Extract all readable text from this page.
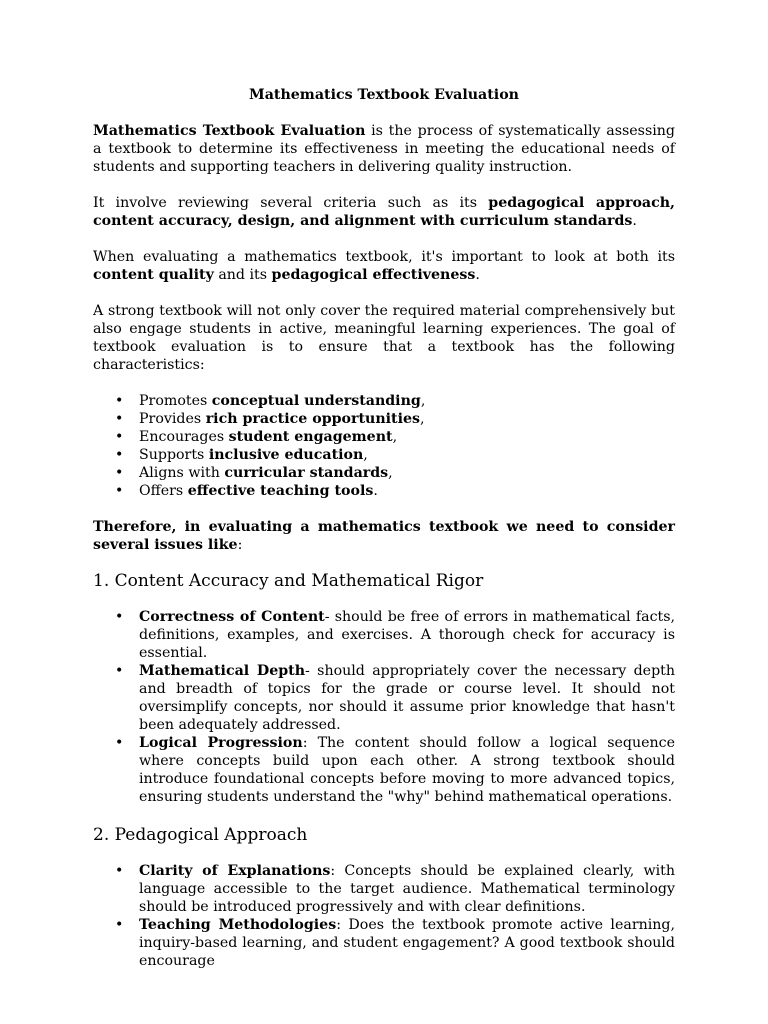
Mathematics Textbook Evaluation

Mathematics Textbook Evaluation is the process of systematically assessing a textbook to determine its effectiveness in meeting the educational needs of students and supporting teachers in delivering quality instruction.

It involve reviewing several criteria such as its pedagogical approach, content accuracy, design, and alignment with curriculum standards.

When evaluating a mathematics textbook, it's important to look at both its content quality and its pedagogical effectiveness.

A strong textbook will not only cover the required material comprehensively but also engage students in active, meaningful learning experiences. The goal of textbook evaluation is to ensure that a textbook has the following characteristics:

• Promotes conceptual understanding,
• Provides rich practice opportunities,
• Encourages student engagement,
• Supports inclusive education,
• Aligns with curricular standards,
• Offers effective teaching tools.

Therefore, in evaluating a mathematics textbook we need to consider several issues like:

1. Content Accuracy and Mathematical Rigor
• Correctness of Content- should be free of errors in mathematical facts, definitions, examples, and exercises. A thorough check for accuracy is essential.
• Mathematical Depth- should appropriately cover the necessary depth and breadth of topics for the grade or course level. It should not oversimplify concepts, nor should it assume prior knowledge that hasn't been adequately addressed.
• Logical Progression: The content should follow a logical sequence where concepts build upon each other. A strong textbook should introduce foundational concepts before moving to more advanced topics, ensuring students understand the "why" behind mathematical operations.
2. Pedagogical Approach
• Clarity of Explanations: Concepts should be explained clearly, with language accessible to the target audience. Mathematical terminology should be introduced progressively and with clear definitions.
• Teaching Methodologies: Does the textbook promote active learning, inquiry-based learning, and student engagement? A good textbook should encourage
